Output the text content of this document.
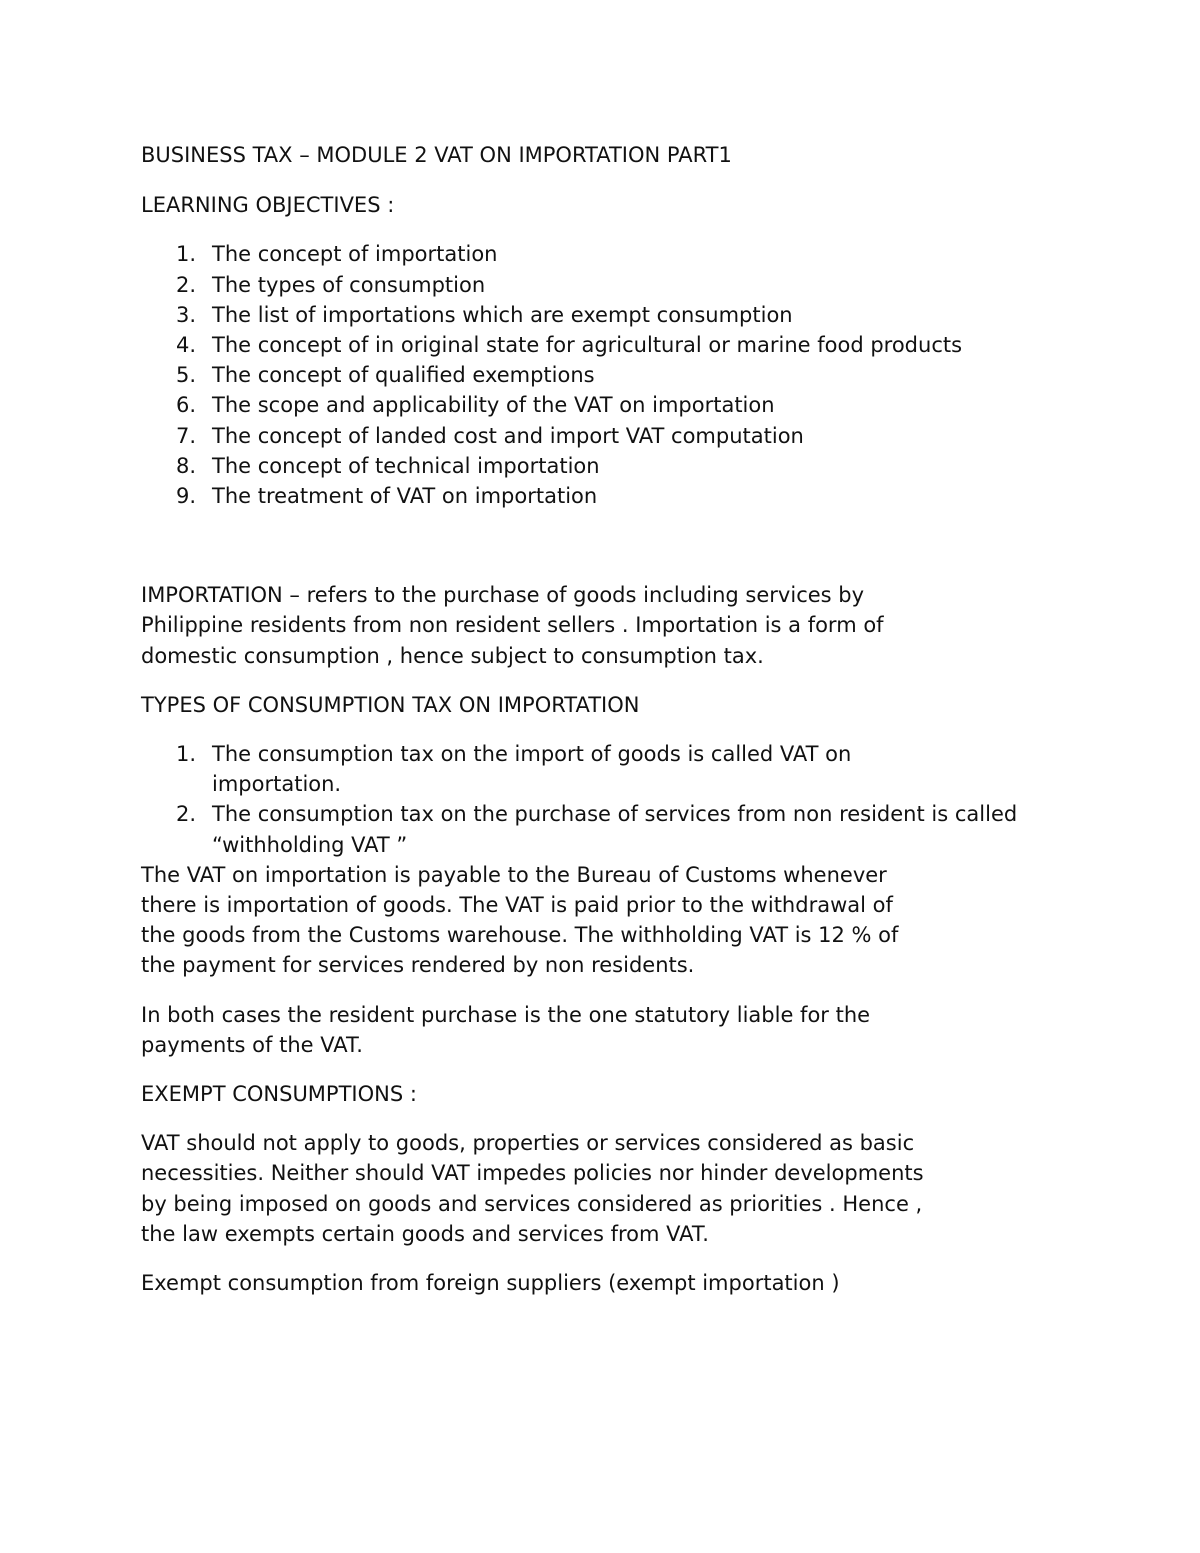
BUSINESS TAX – MODULE 2 VAT ON IMPORTATION PART1

LEARNING OBJECTIVES :

1. The concept of importation
2. The types of consumption
3. The list of importations which are exempt consumption
4. The concept of in original state for agricultural or marine food products
5. The concept of qualified exemptions
6. The scope and applicability of the VAT on importation
7. The concept of landed cost and import VAT computation
8. The concept of technical importation
9. The treatment of VAT on importation

IMPORTATION – refers to the purchase of goods including services by

Philippine residents from non resident sellers . Importation is a form of

domestic consumption , hence subject to consumption tax.

TYPES OF CONSUMPTION TAX ON IMPORTATION

1. The consumption tax on the import of goods is called VAT on importation.
2. The consumption tax on the purchase of services from non resident is called “withholding VAT ”

The VAT on importation is payable to the Bureau of Customs whenever

there is importation of goods. The VAT is paid prior to the withdrawal of

the goods from the Customs warehouse. The withholding VAT is 12 % of

the payment for services rendered by non residents.

In both cases the resident purchase is the one statutory liable for the

payments of the VAT.

EXEMPT CONSUMPTIONS :

VAT should not apply to goods, properties or services considered as basic

necessities. Neither should VAT impedes policies nor hinder developments

by being imposed on goods and services considered as priorities . Hence ,

the law exempts certain goods and services from VAT.

Exempt consumption from foreign suppliers (exempt importation )
